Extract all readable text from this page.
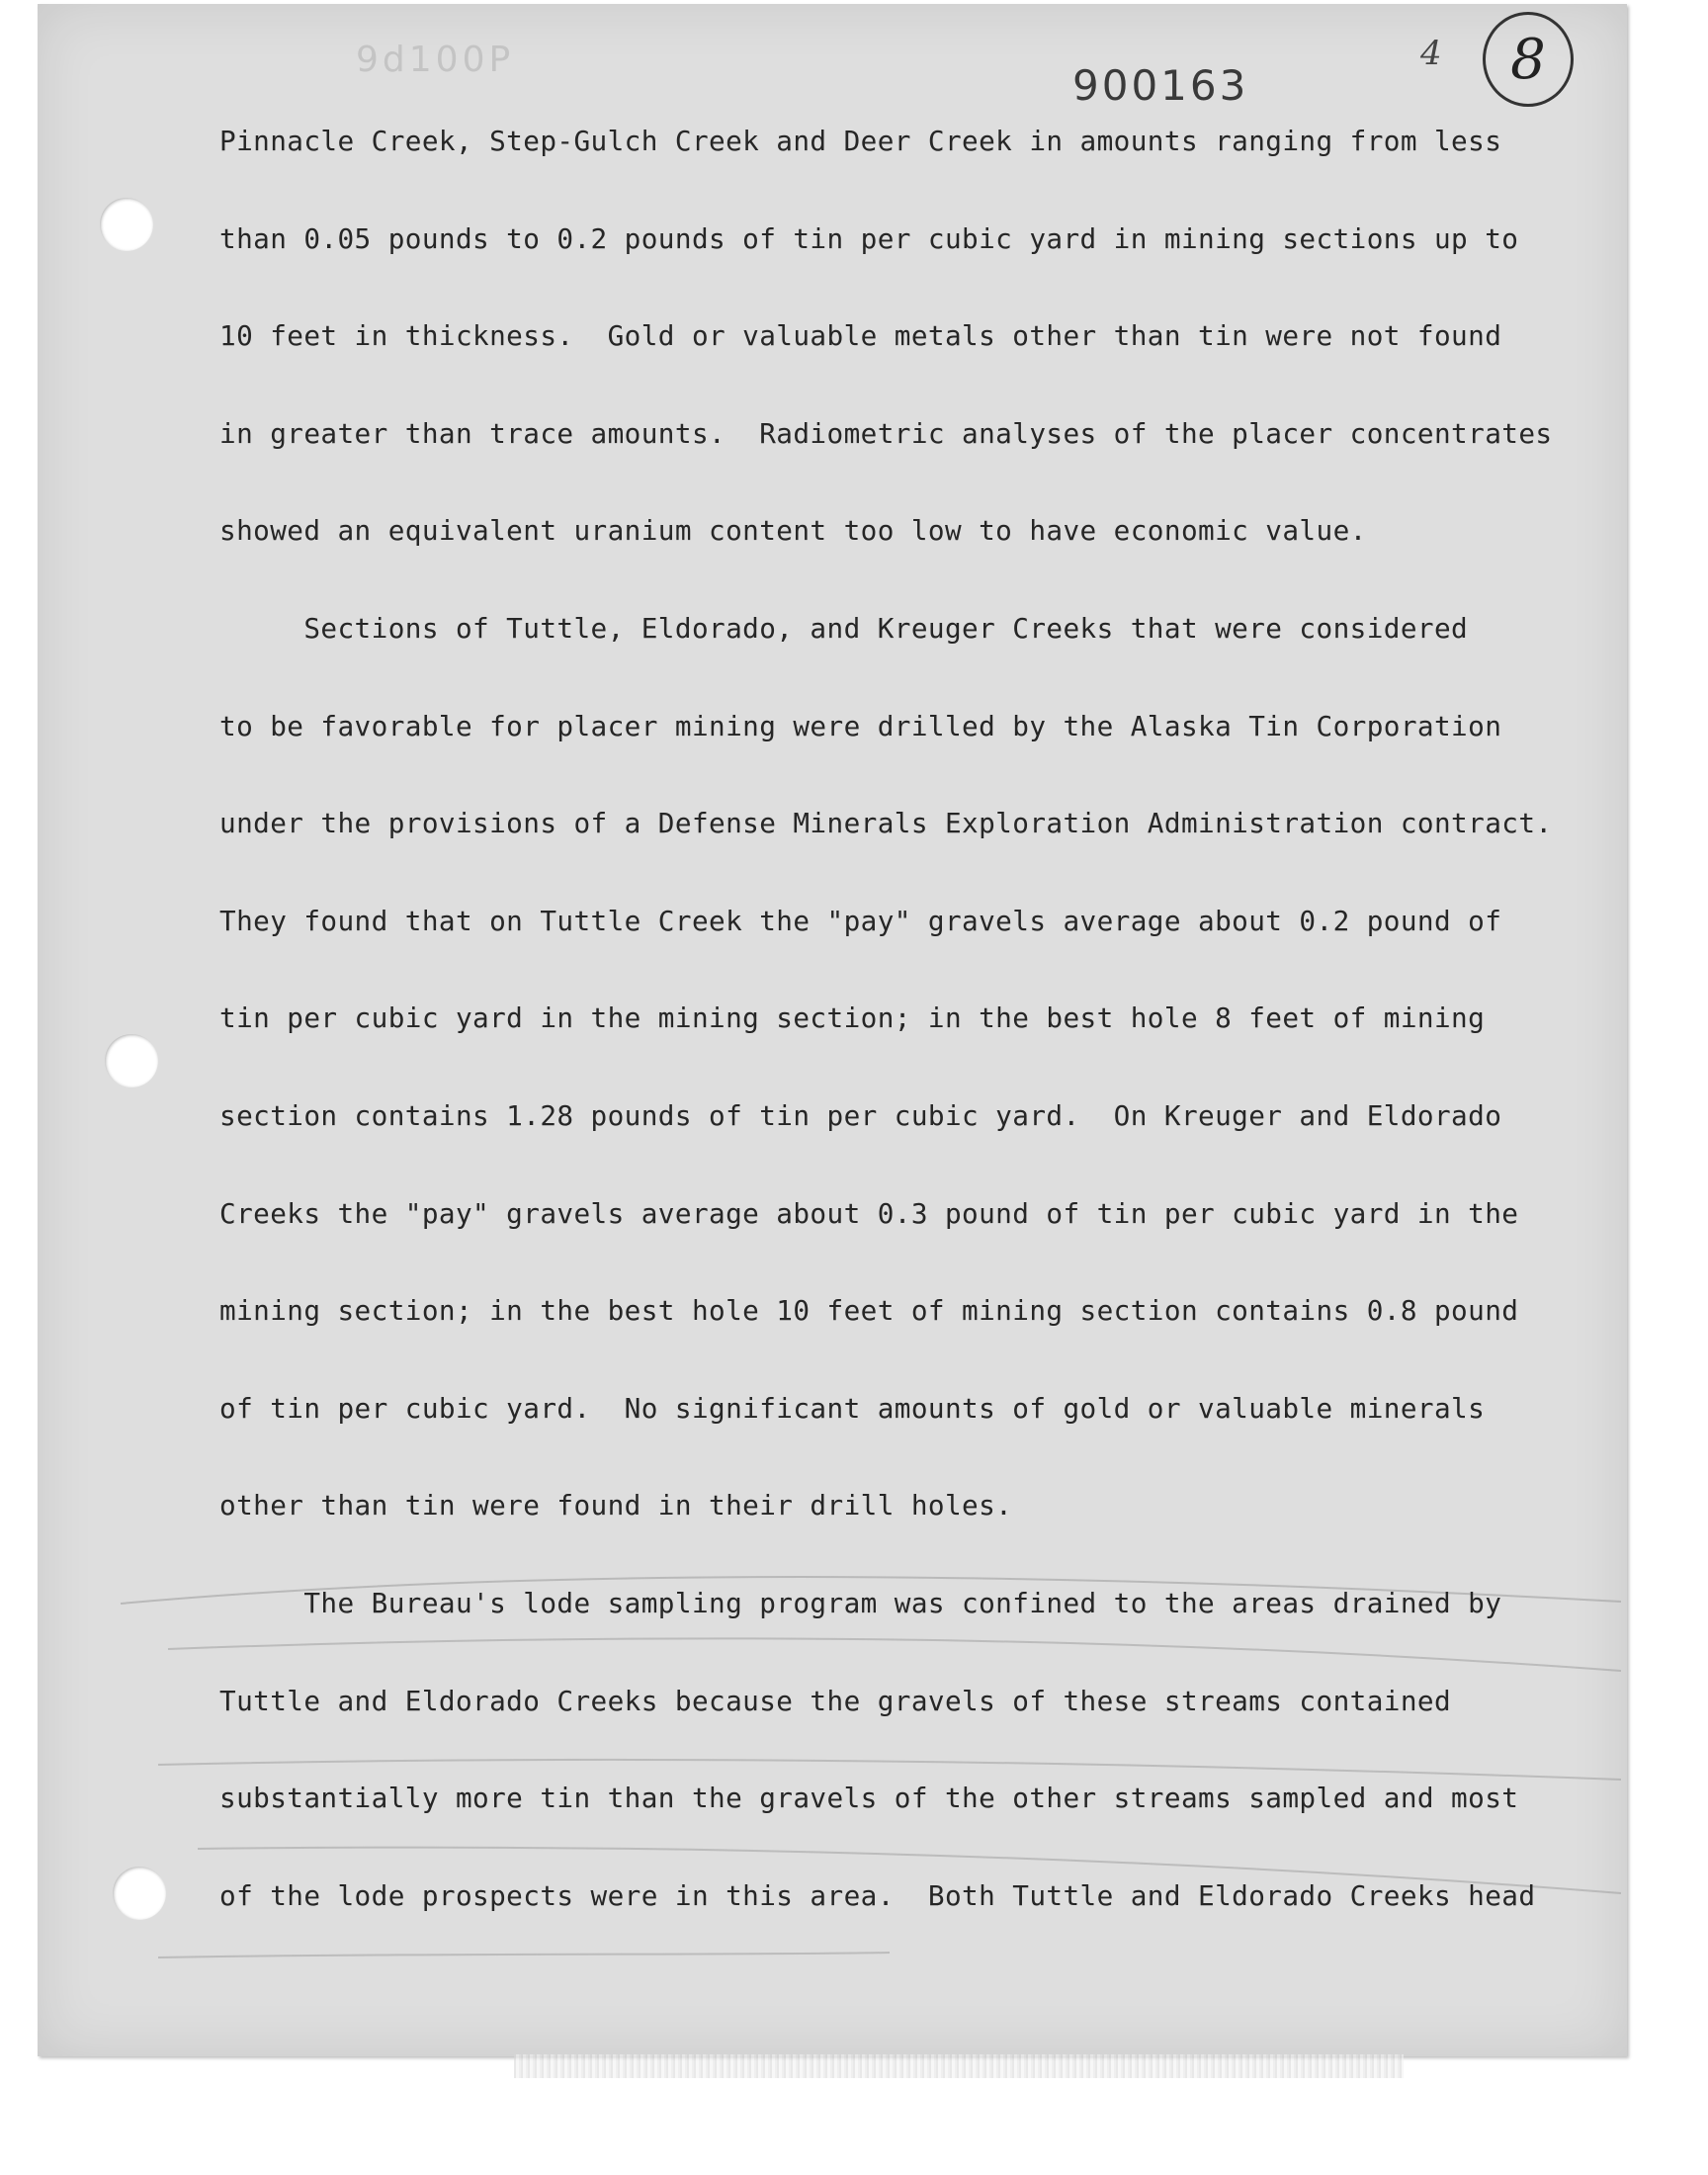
9d100P
900163
4	8
Pinnacle Creek, Step-Gulch Creek and Deer Creek in amounts ranging from less
than 0.05 pounds to 0.2 pounds of tin per cubic yard in mining sections up to
10 feet in thickness.  Gold or valuable metals other than tin were not found
in greater than trace amounts.  Radiometric analyses of the placer concentrates
showed an equivalent uranium content too low to have economic value.
Sections of Tuttle, Eldorado, and Kreuger Creeks that were considered
to be favorable for placer mining were drilled by the Alaska Tin Corporation
under the provisions of a Defense Minerals Exploration Administration contract.
They found that on Tuttle Creek the "pay" gravels average about 0.2 pound of
tin per cubic yard in the mining section; in the best hole 8 feet of mining
section contains 1.28 pounds of tin per cubic yard.  On Kreuger and Eldorado
Creeks the "pay" gravels average about 0.3 pound of tin per cubic yard in the
mining section; in the best hole 10 feet of mining section contains 0.8 pound
of tin per cubic yard.  No significant amounts of gold or valuable minerals
other than tin were found in their drill holes.
The Bureau's lode sampling program was confined to the areas drained by
Tuttle and Eldorado Creeks because the gravels of these streams contained
substantially more tin than the gravels of the other streams sampled and most
of the lode prospects were in this area.  Both Tuttle and Eldorado Creeks head
